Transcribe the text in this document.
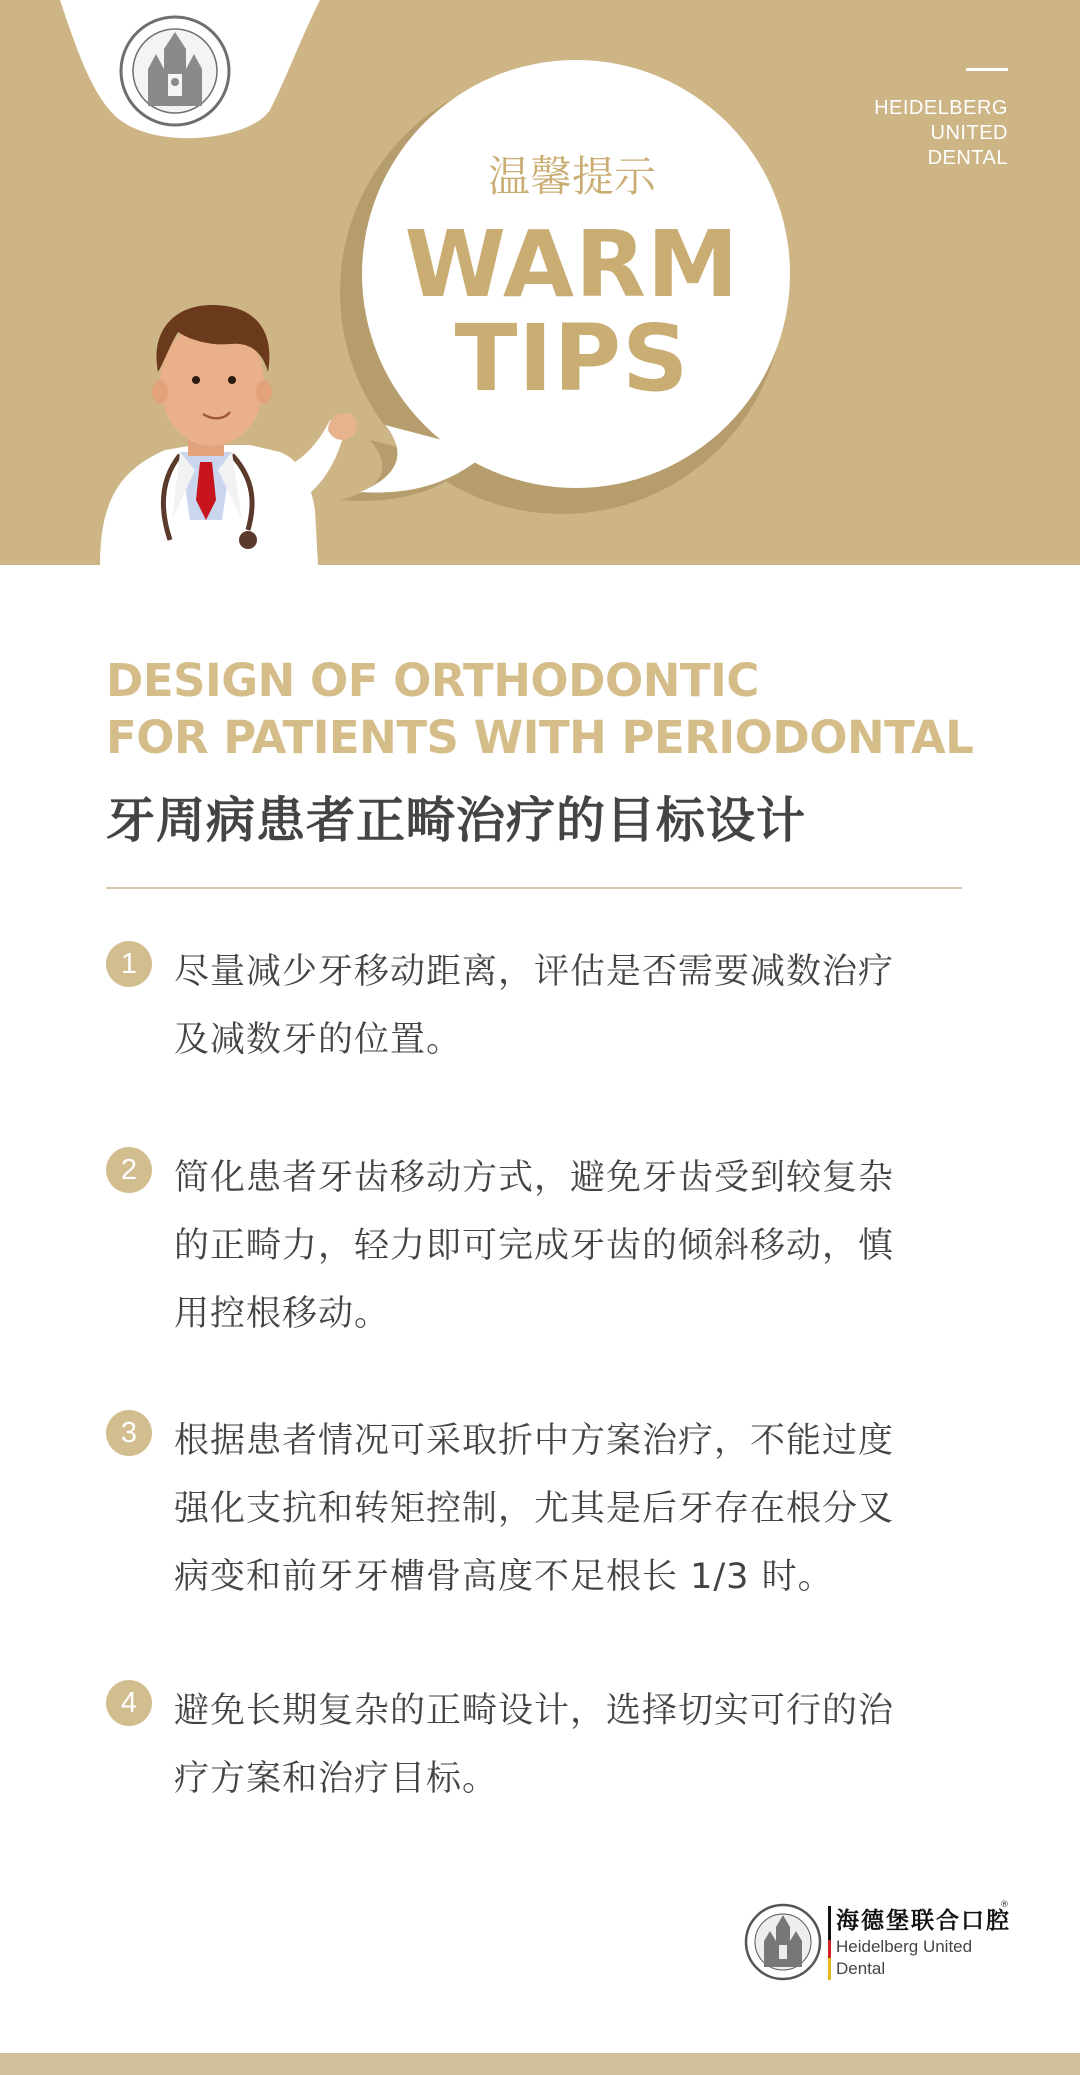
HEIDELBERG
UNITED
DENTAL
温馨提示
WARM
TIPS
DESIGN OF ORTHODONTIC
FOR PATIENTS WITH PERIODONTAL
牙周病患者正畸治疗的目标设计
1	尽量减少牙移动距离，评估是否需要减数治疗
及减数牙的位置。
2	简化患者牙齿移动方式，避免牙齿受到较复杂
的正畸力，轻力即可完成牙齿的倾斜移动，慎
用控根移动。
3	根据患者情况可采取折中方案治疗，不能过度
强化支抗和转矩控制，尤其是后牙存在根分叉
病变和前牙牙槽骨高度不足根长 1/3 时。
4	避免长期复杂的正畸设计，选择切实可行的治
疗方案和治疗目标。
海德堡联合口腔
®
Heidelberg United
Dental
